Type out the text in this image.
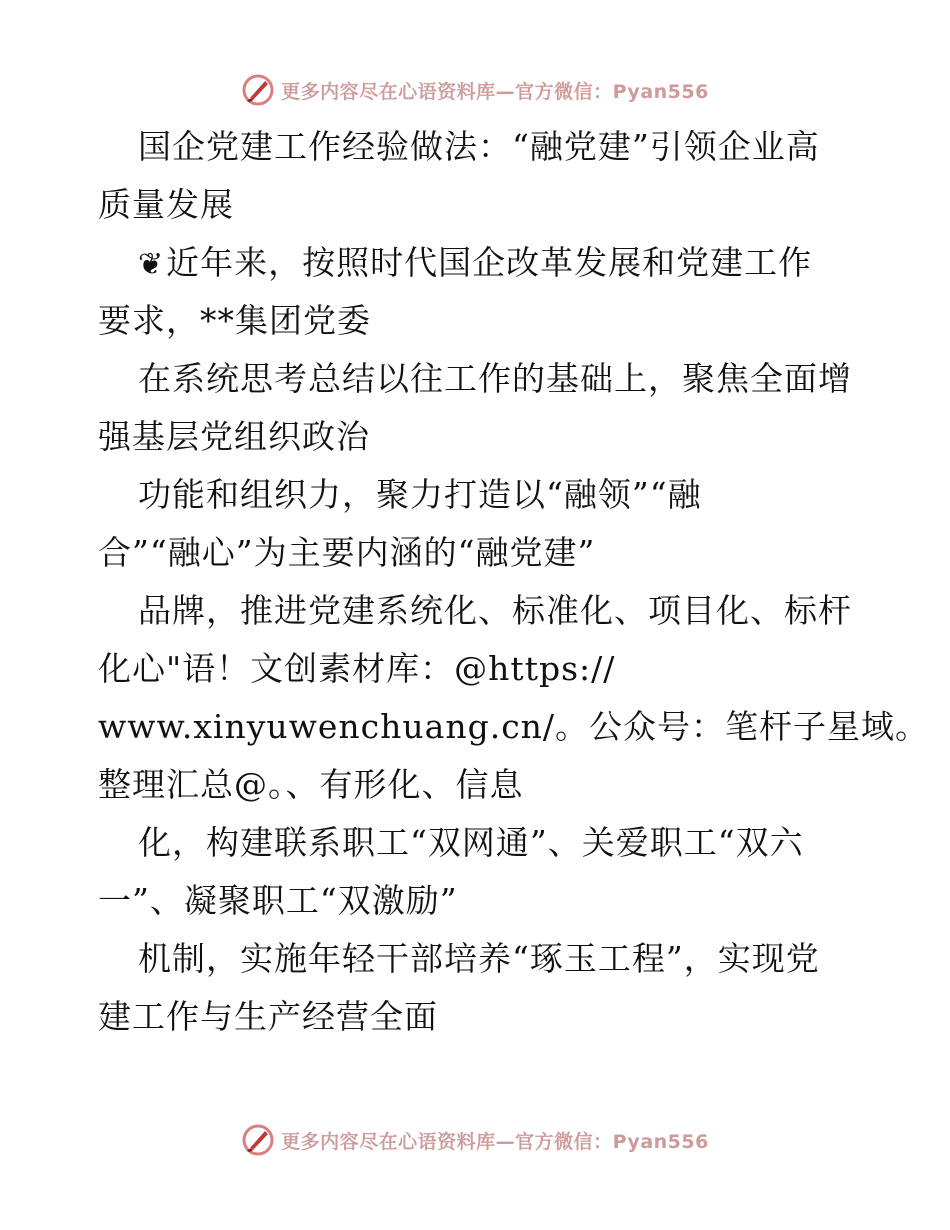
更多内容尽在心语资料库—官方微信：Pyan556
国企党建工作经验做法：“融党建”引领企业高
质量发展
❦近年来，按照时代国企改革发展和党建工作
要求，**集团党委
在系统思考总结以往工作的基础上，聚焦全面增
强基层党组织政治
功能和组织力，聚力打造以“融领”“融
合”“融心”为主要内涵的“融党建”
品牌，推进党建系统化、标准化、项目化、标杆
化心"语！文创素材库：@https://
www.xinyuwenchuang.cn/。公众号：笔杆子星域。
整理汇总@。、有形化、信息
化，构建联系职工“双网通”、关爱职工“双六
一”、凝聚职工“双激励”
机制，实施年轻干部培养“琢玉工程”，实现党
建工作与生产经营全面
更多内容尽在心语资料库—官方微信：Pyan556
